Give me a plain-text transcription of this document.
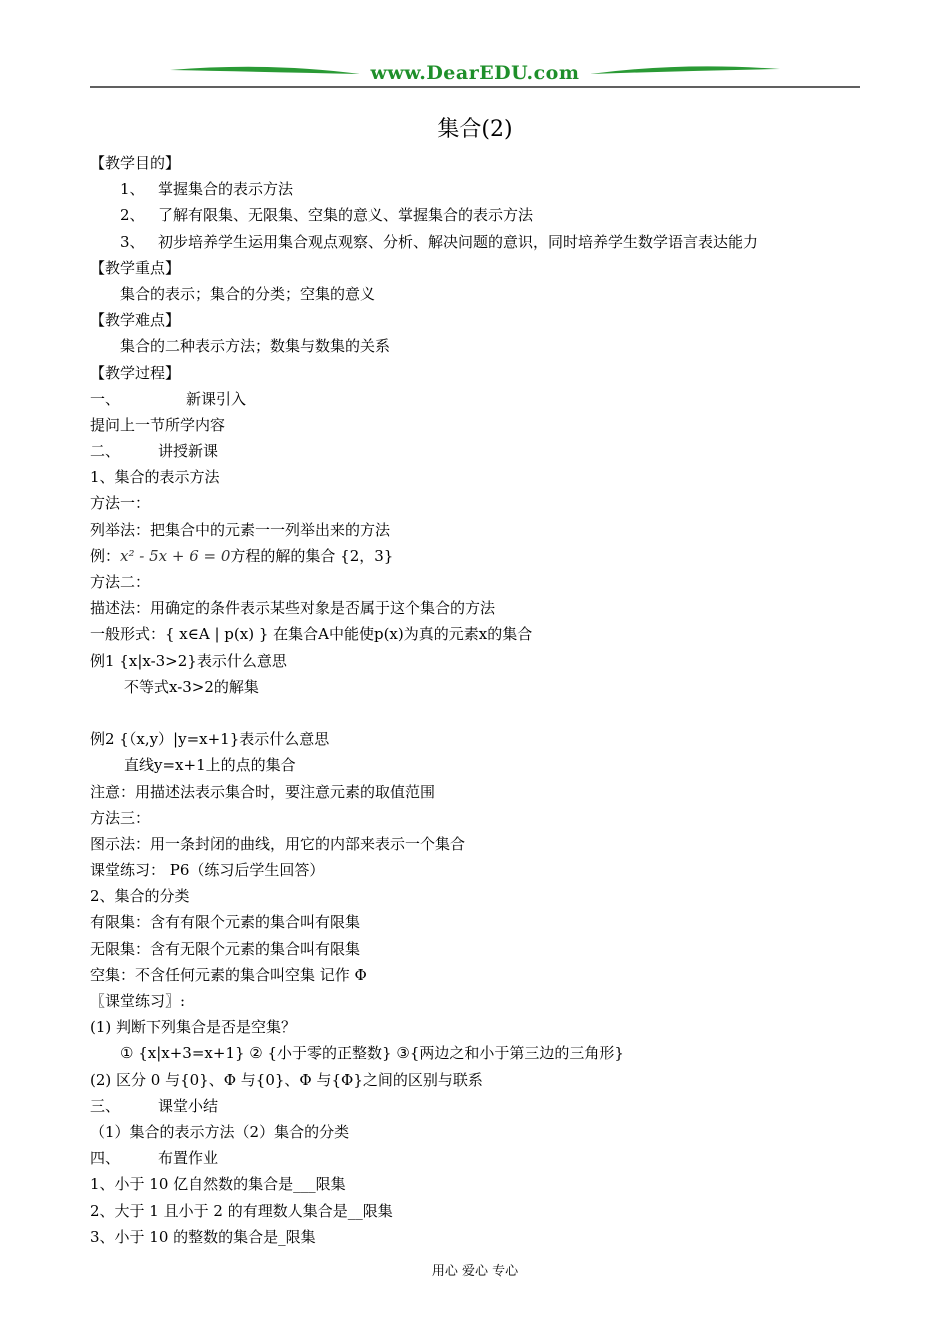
www.DearEDU.com
集合(2)
【教学目的】
1、 掌握集合的表示方法
2、 了解有限集、无限集、空集的意义、掌握集合的表示方法
3、 初步培养学生运用集合观点观察、分析、解决问题的意识，同时培养学生数学语言表达能力
【教学重点】
集合的表示；集合的分类；空集的意义
【教学难点】
集合的二种表示方法；数集与数集的关系
【教学过程】
一、	新课引入
提问上一节所学内容
二、	讲授新课
1、集合的表示方法
方法一：
列举法：把集合中的元素一一列举出来的方法
例：x² - 5x + 6 = 0方程的解的集合 {2，3}
方法二：
描述法：用确定的条件表示某些对象是否属于这个集合的方法
一般形式：{ x∈A | p(x) } 在集合A中能使p(x)为真的元素x的集合
例1 {x|x-3>2}表示什么意思
不等式x-3>2的解集
例2 {（x,y）|y=x+1}表示什么意思
直线y=x+1上的点的集合
注意：用描述法表示集合时，要注意元素的取值范围
方法三：
图示法：用一条封闭的曲线，用它的内部来表示一个集合
课堂练习： P6（练习后学生回答）
2、集合的分类
有限集：含有有限个元素的集合叫有限集
无限集：含有无限个元素的集合叫有限集
空集：不含任何元素的集合叫空集 记作 Φ
〖课堂练习〗:
(1) 判断下列集合是否是空集？
① {x|x+3=x+1} ② {小于零的正整数} ③{两边之和小于第三边的三角形}
(2) 区分 0 与{0}、Φ 与{0}、Φ 与{Φ}之间的区别与联系
三、	课堂小结
（1）集合的表示方法（2）集合的分类
四、	布置作业
1、小于 10 亿自然数的集合是___限集
2、大于 1 且小于 2 的有理数人集合是__限集
3、小于 10 的整数的集合是_限集
用心 爱心 专心
